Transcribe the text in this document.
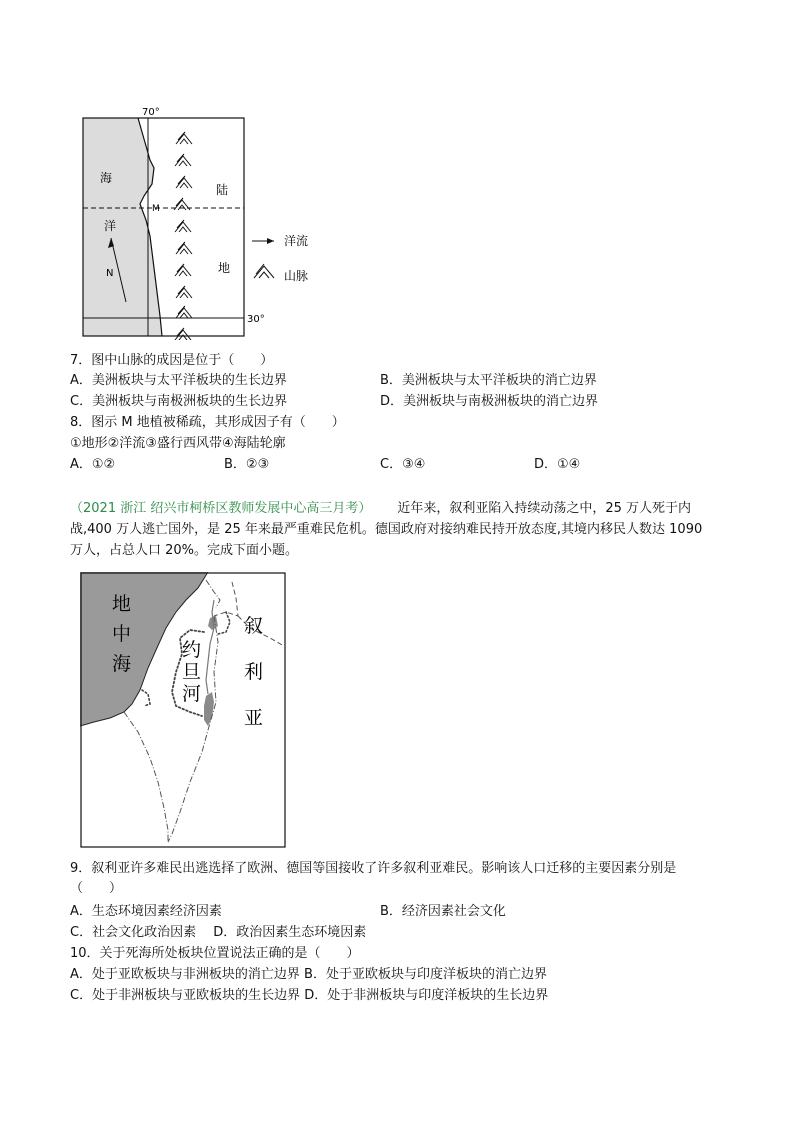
70°
30°
海
洋
陆
地
M
N
洋流
山脉
7．图中山脉的成因是位于（　　）
A．美洲板块与太平洋板块的生长边界	B．美洲板块与太平洋板块的消亡边界
C．美洲板块与南极洲板块的生长边界	D．美洲板块与南极洲板块的消亡边界
8．图示 M 地植被稀疏，其形成因子有（　　）
①地形②洋流③盛行西风带④海陆轮廓
A．①②	B．②③	C．③④	D．①④
（2021 浙江 绍兴市柯桥区教师发展中心高三月考） 近年来，叙利亚陷入持续动荡之中，25 万人死于内
战,400 万人逃亡国外，是 25 年来最严重难民危机。德国政府对接纳难民持开放态度,其境内移民人数达 1090
万人，占总人口 20%。完成下面小题。
地
中
海
约
旦
河
叙
利
亚
9．叙利亚许多难民出逃选择了欧洲、德国等国接收了许多叙利亚难民。影响该人口迁移的主要因素分别是
（　　）
A．生态环境因素经济因素	B．经济因素社会文化
C．社会文化政治因素　 D．政治因素生态环境因素
10．关于死海所处板块位置说法正确的是（　　）
A．处于亚欧板块与非洲板块的消亡边界 B．处于亚欧板块与印度洋板块的消亡边界
C．处于非洲板块与亚欧板块的生长边界 D．处于非洲板块与印度洋板块的生长边界
